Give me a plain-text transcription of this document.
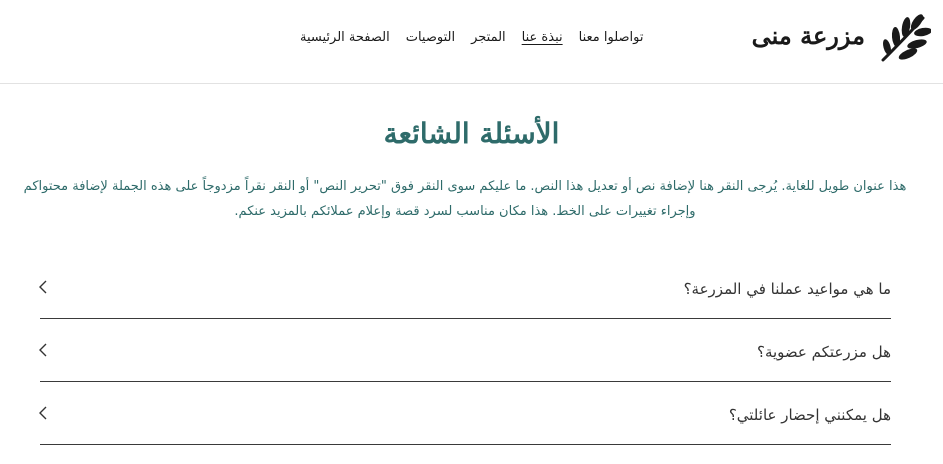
مزرعة منى
الصفحة الرئيسية التوصيات المتجر نبذة عنا تواصلوا معنا
الأسئلة الشائعة

هذا عنوان طويل للغاية. يُرجى النقر هنا لإضافة نص أو تعديل هذا النص. ما عليكم سوى النقر فوق "تحرير النص" أو النقر نقراً مزدوجاً على هذه الجملة لإضافة محتواكم وإجراء تغييرات على الخط. هذا مكان مناسب لسرد قصة وإعلام عملائكم بالمزيد عنكم.

ما هي مواعيد عملنا في المزرعة؟
هل مزرعتكم عضوية؟
هل يمكنني إحضار عائلتي؟
